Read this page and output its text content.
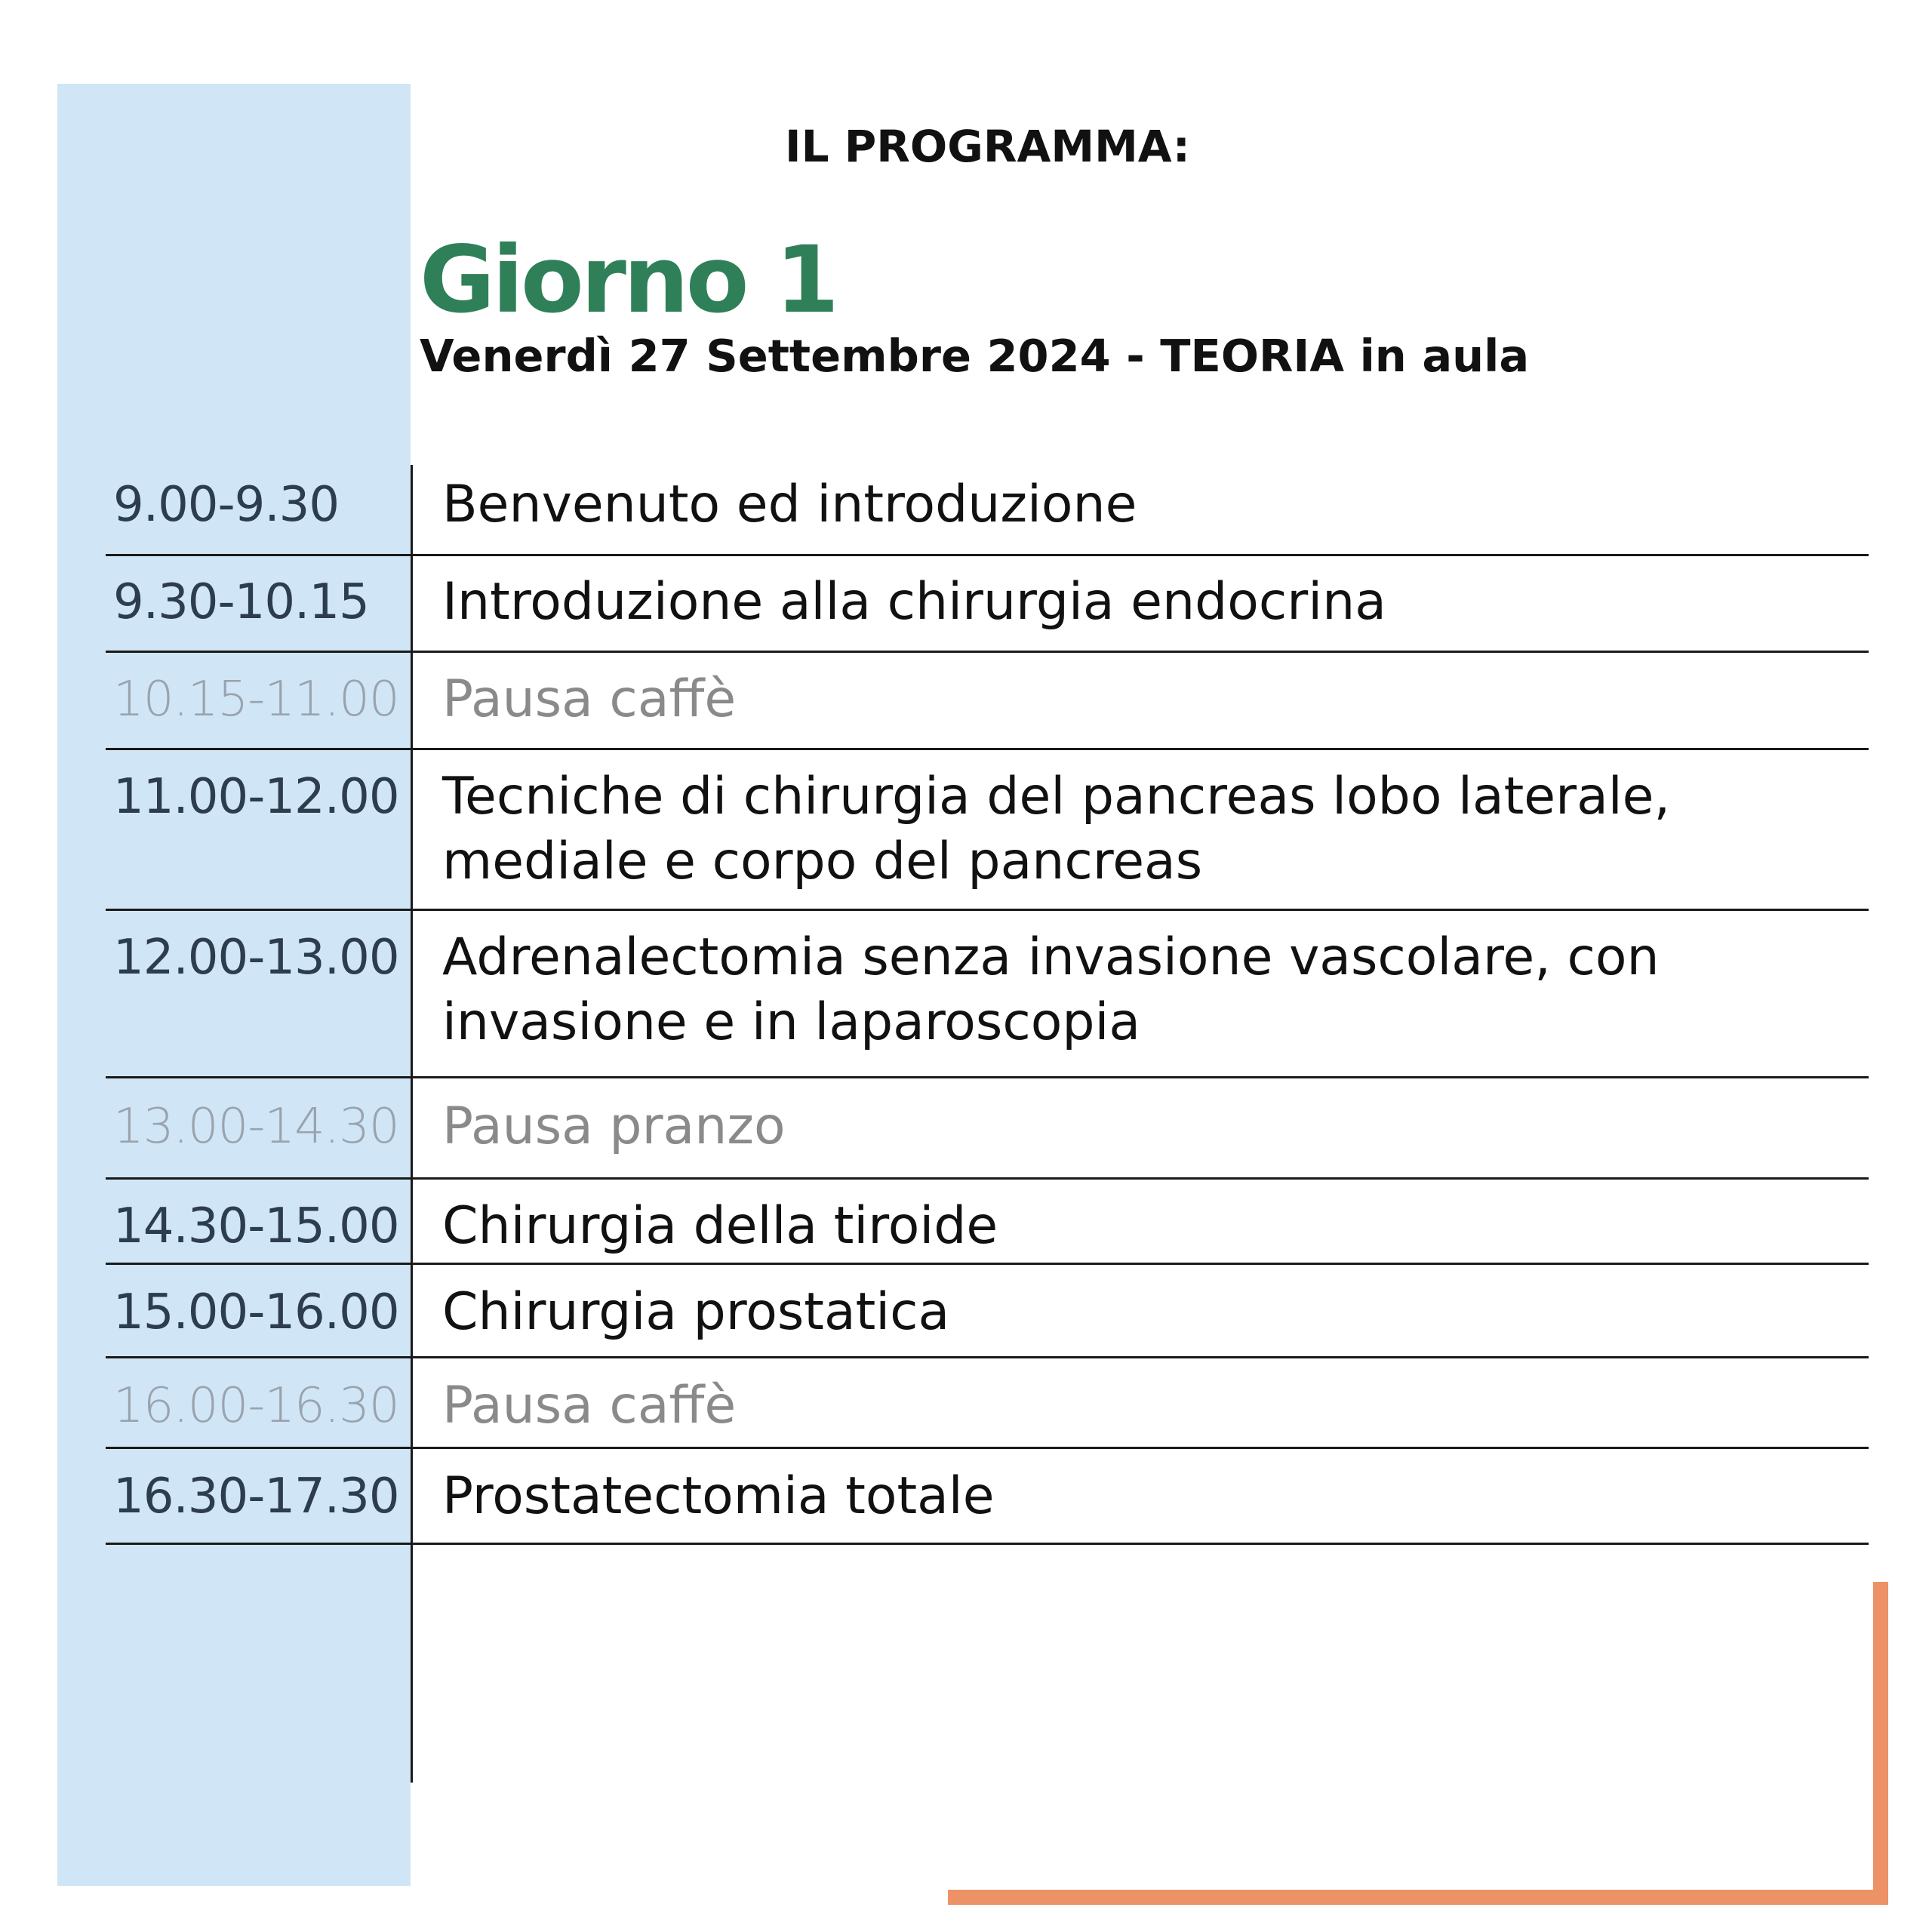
IL PROGRAMMA:
Giorno 1
Venerdì 27 Settembre 2024 - TEORIA in aula
9.00-9.30 Benvenuto ed introduzione
9.30-10.15 Introduzione alla chirurgia endocrina
10.15-11.00 Pausa caffè
11.00-12.00 Tecniche di chirurgia del pancreas lobo laterale, mediale e corpo del pancreas
12.00-13.00 Adrenalectomia senza invasione vascolare, con invasione e in laparoscopia
13.00-14.30 Pausa pranzo
14.30-15.00 Chirurgia della tiroide
15.00-16.00 Chirurgia prostatica
16.00-16.30 Pausa caffè
16.30-17.30 Prostatectomia totale
